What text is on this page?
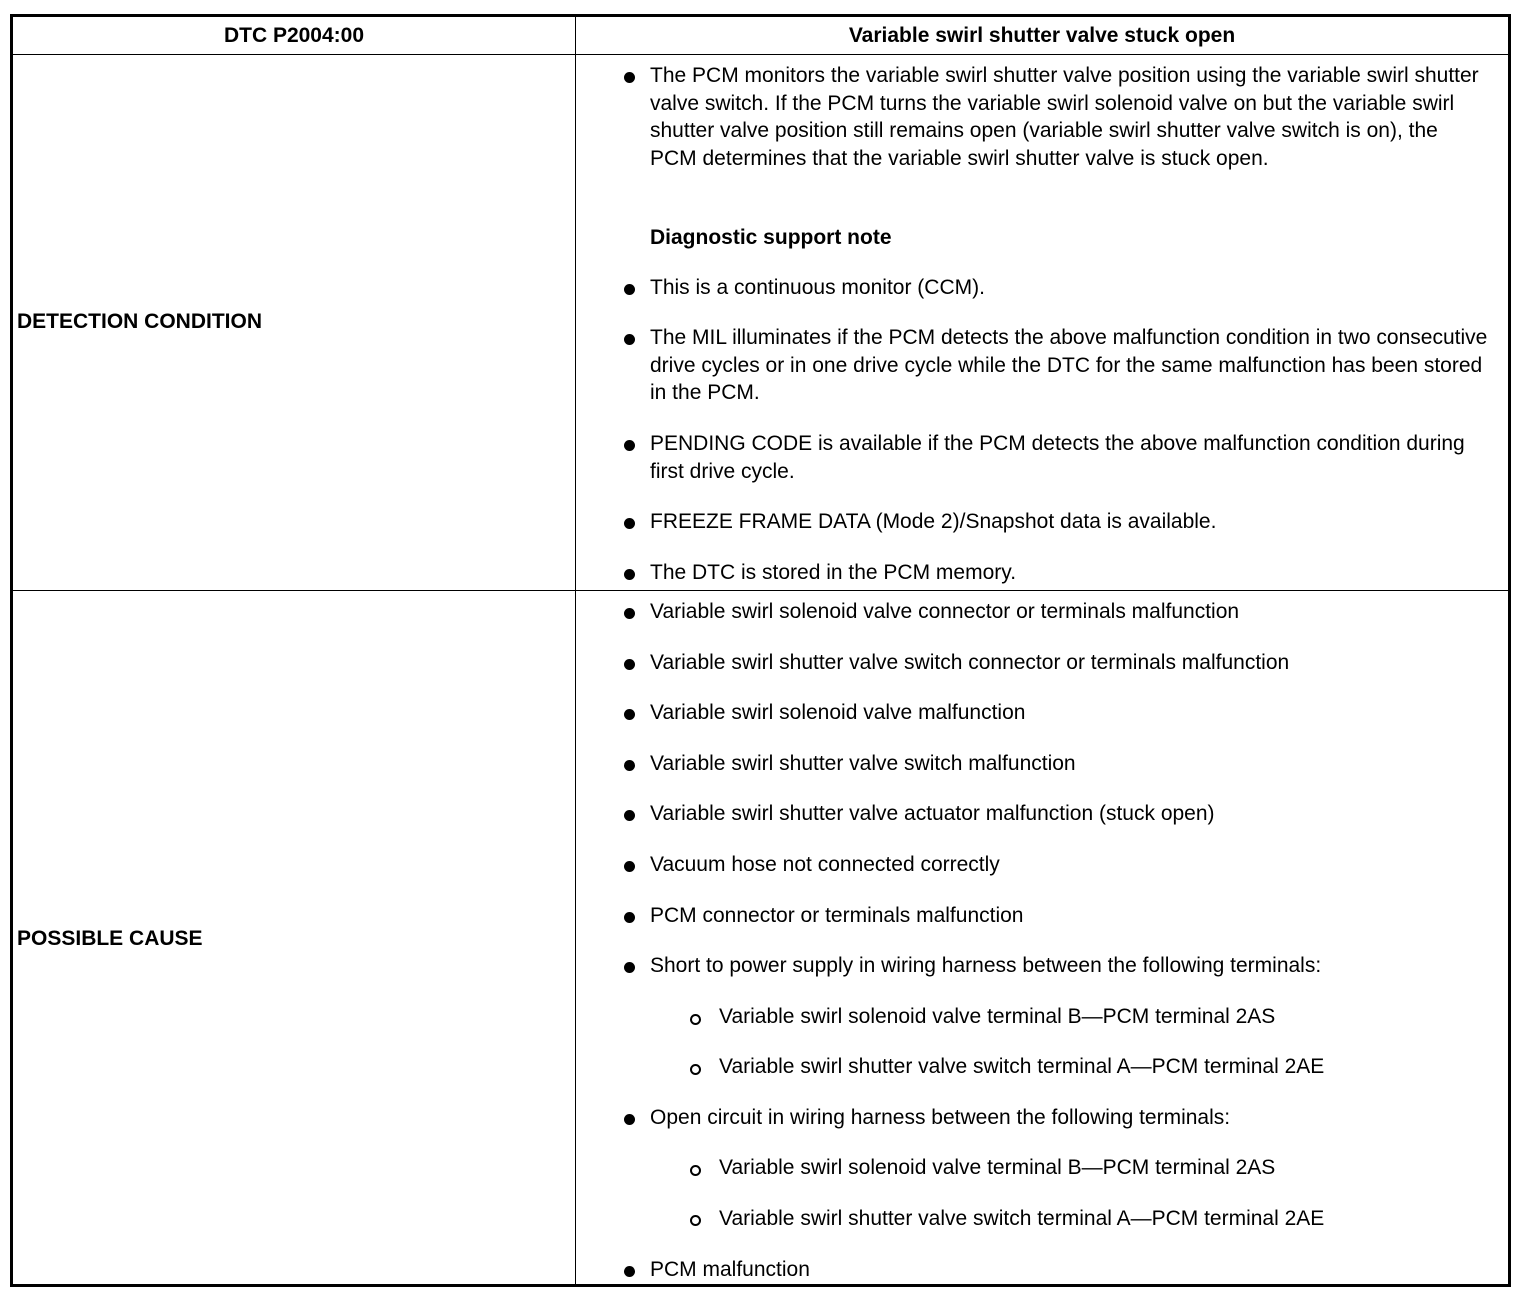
DTC P2004:00	Variable swirl shutter valve stuck open
DETECTION CONDITION
POSSIBLE CAUSE
The PCM monitors the variable swirl shutter valve position using the variable swirl shutter valve switch. If the PCM turns the variable swirl solenoid valve on but the variable swirl shutter valve position still remains open (variable swirl shutter valve switch is on), the PCM determines that the variable swirl shutter valve is stuck open.
Diagnostic support note
This is a continuous monitor (CCM).
The MIL illuminates if the PCM detects the above malfunction condition in two consecutive drive cycles or in one drive cycle while the DTC for the same malfunction has been stored in the PCM.
PENDING CODE is available if the PCM detects the above malfunction condition during first drive cycle.
FREEZE FRAME DATA (Mode 2)/Snapshot data is available.
The DTC is stored in the PCM memory.
Variable swirl solenoid valve connector or terminals malfunction
Variable swirl shutter valve switch connector or terminals malfunction
Variable swirl solenoid valve malfunction
Variable swirl shutter valve switch malfunction
Variable swirl shutter valve actuator malfunction (stuck open)
Vacuum hose not connected correctly
PCM connector or terminals malfunction
Short to power supply in wiring harness between the following terminals:
Variable swirl solenoid valve terminal B—PCM terminal 2AS
Variable swirl shutter valve switch terminal A—PCM terminal 2AE
Open circuit in wiring harness between the following terminals:
Variable swirl solenoid valve terminal B—PCM terminal 2AS
Variable swirl shutter valve switch terminal A—PCM terminal 2AE
PCM malfunction
